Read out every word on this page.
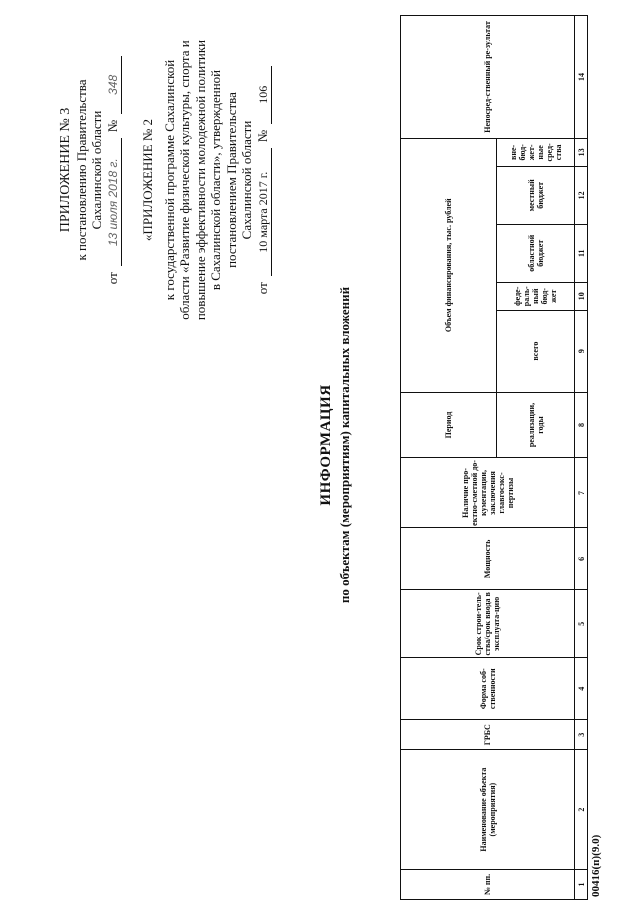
ПРИЛОЖЕНИЕ № 3 к постановлению Правительства Сахалинской области
от
13 июля 2018 г.
№
348
«ПРИЛОЖЕНИЕ № 2 к государственной программе Сахалинской области «Развитие физической культуры, спорта и повышение эффективности молодежной политики в Сахалинской области», утвержденной постановлением Правительства Сахалинской области
от
10 марта 2017 г.
№
106
ИНФОРМАЦИЯ по объектам (мероприятиям) капитальных вложений
№ пп.	Наименование объекта (мероприятия)	ГРБС	Форма соб-ственности	Срок строи-тель-ства/срок ввода в эксплуата-цию	Мощность	Наличие про-ектно-сметной до-кументации, заключения главгосэкс-пертизы	Период	Объем финансирования, тыс. рублей					Непосред-ственный ре-зультат
							реализации, годы	всего	феде-раль-ный бюд-жет	областной бюджет	местный бюджет	вне-бюд-жет-ные сред-ства	
1	2	3	4	5	6	7	8	9	10	11	12	13	14
00416(п)(9.0)
